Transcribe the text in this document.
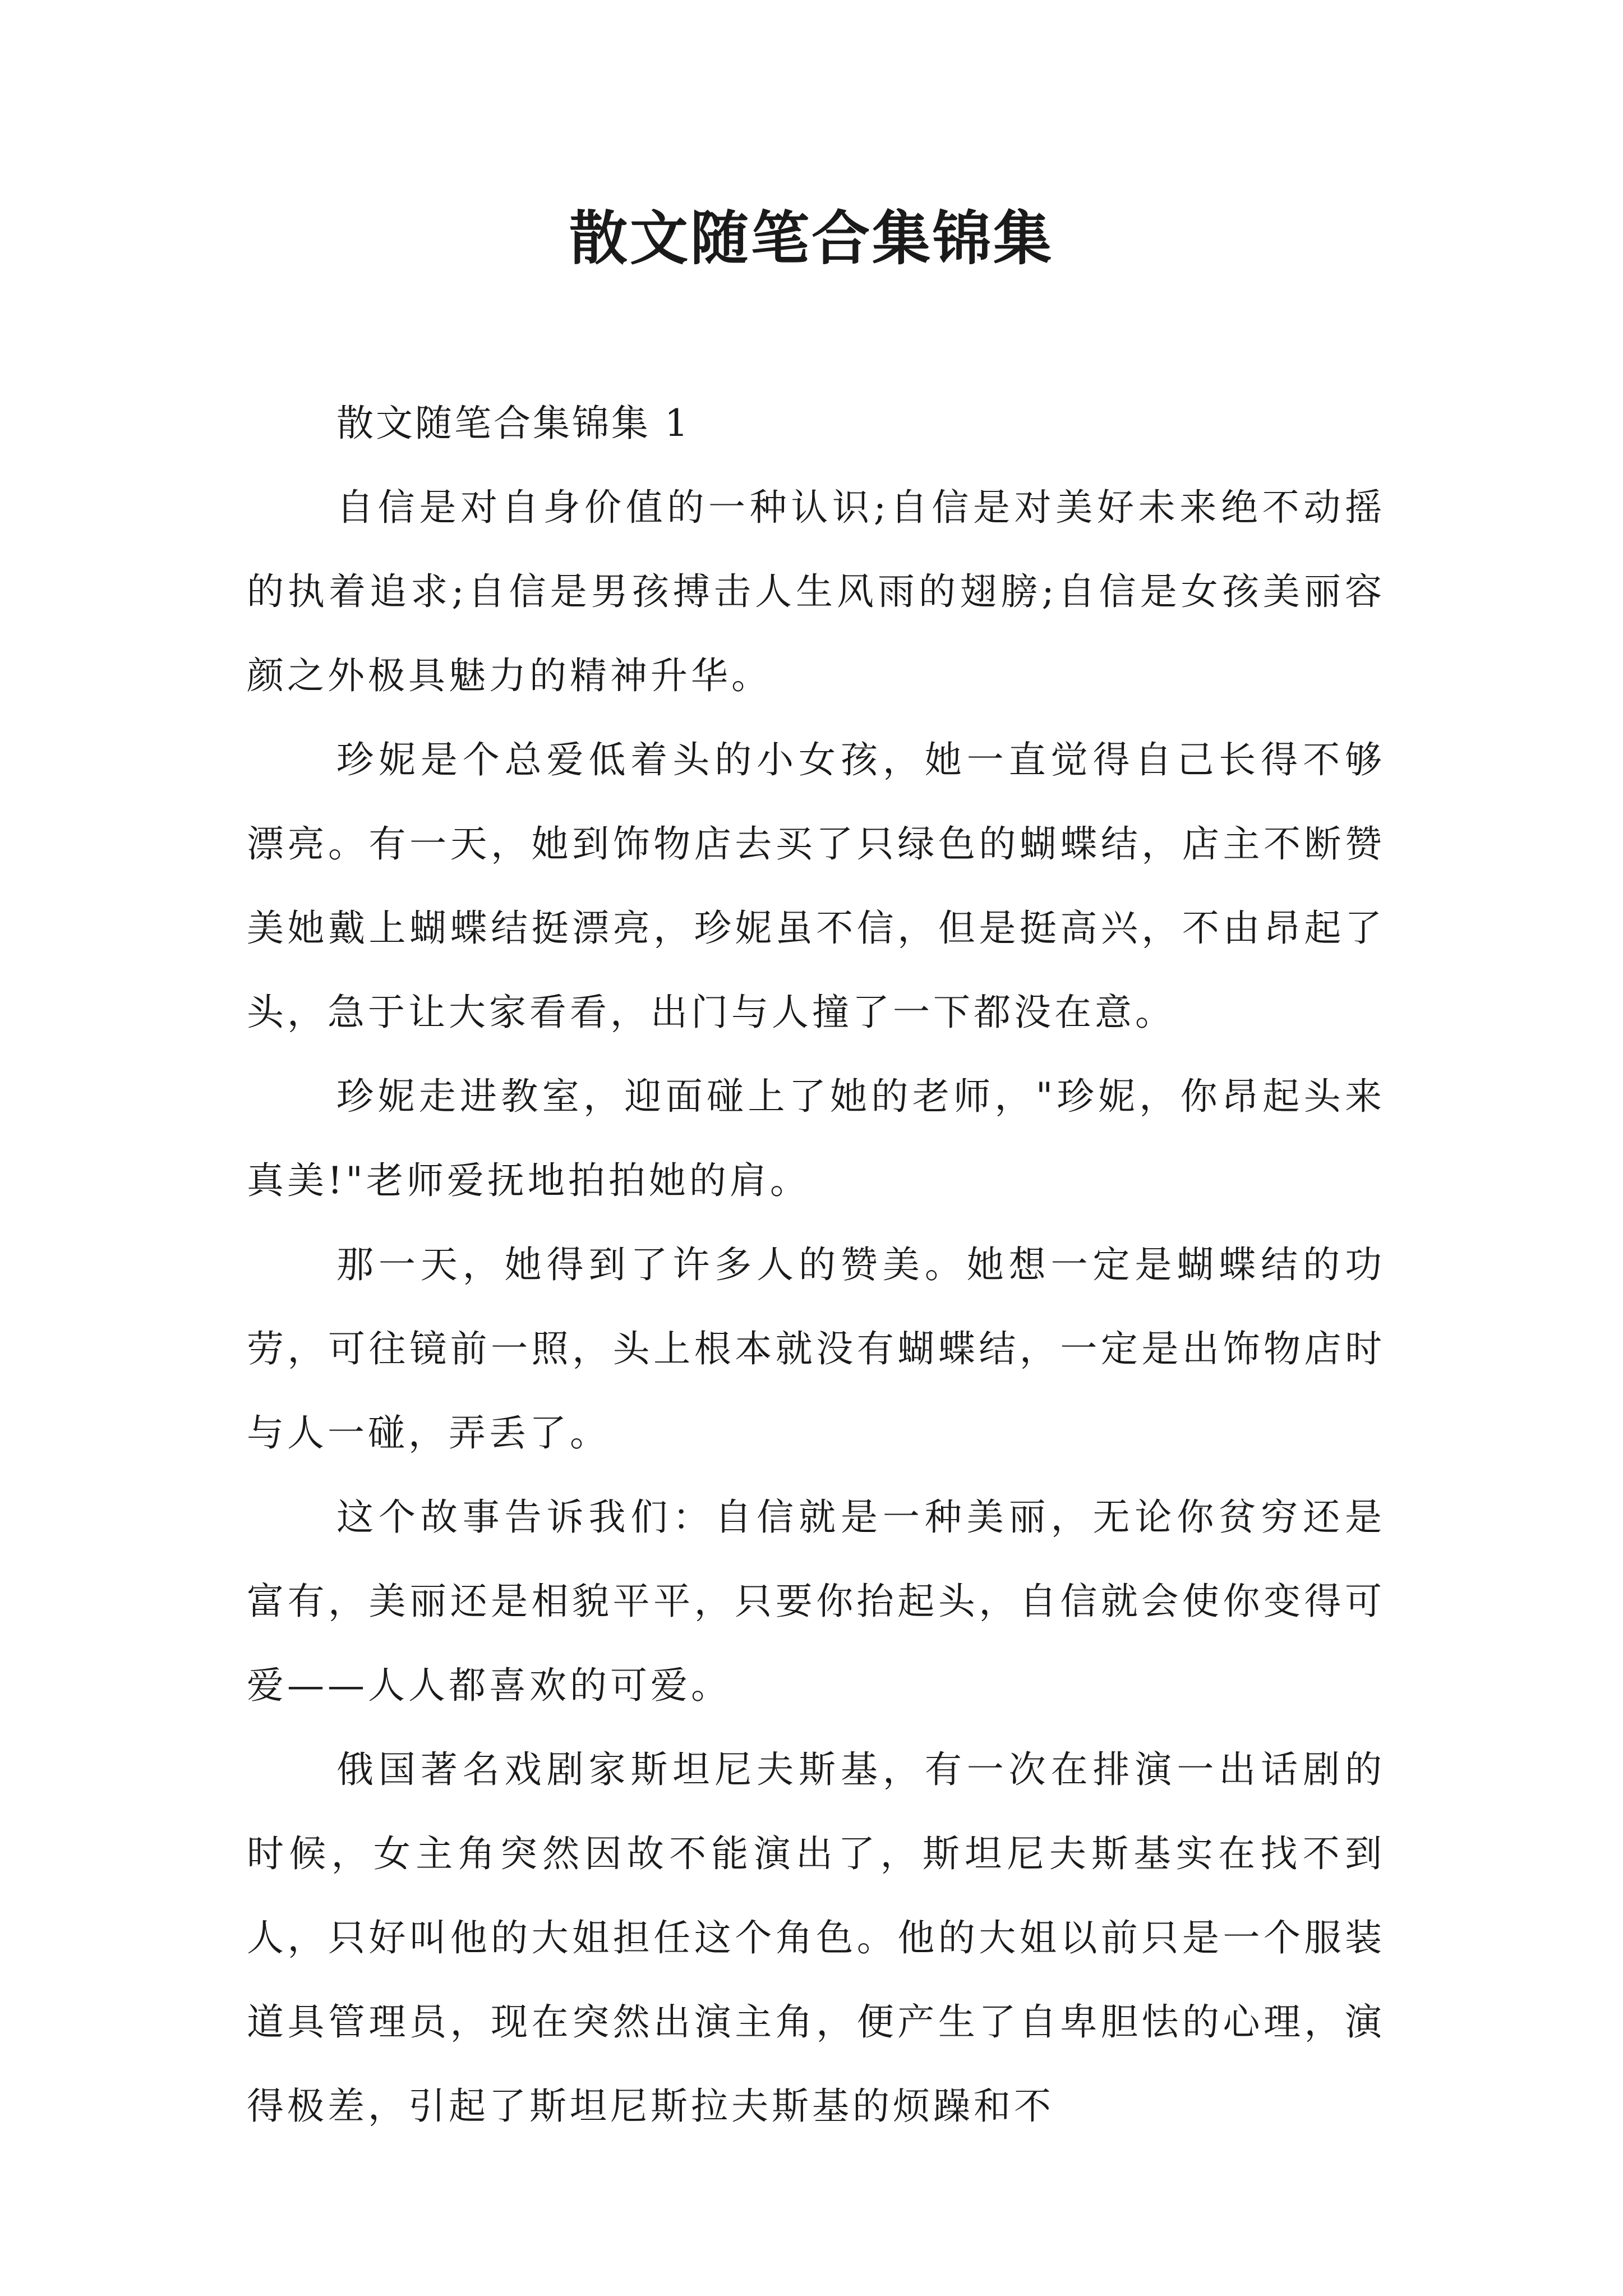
散文随笔合集锦集

散文随笔合集锦集 1

自信是对自身价值的一种认识;自信是对美好未来绝不动摇的执着追求;自信是男孩搏击人生风雨的翅膀;自信是女孩美丽容颜之外极具魅力的精神升华。

珍妮是个总爱低着头的小女孩，她一直觉得自己长得不够漂亮。有一天，她到饰物店去买了只绿色的蝴蝶结，店主不断赞美她戴上蝴蝶结挺漂亮，珍妮虽不信，但是挺高兴，不由昂起了头，急于让大家看看，出门与人撞了一下都没在意。

珍妮走进教室，迎面碰上了她的老师，"珍妮，你昂起头来真美!"老师爱抚地拍拍她的肩。

那一天，她得到了许多人的赞美。她想一定是蝴蝶结的功劳，可往镜前一照，头上根本就没有蝴蝶结，一定是出饰物店时与人一碰，弄丢了。

这个故事告诉我们：自信就是一种美丽，无论你贫穷还是富有，美丽还是相貌平平，只要你抬起头，自信就会使你变得可爱——人人都喜欢的可爱。

俄国著名戏剧家斯坦尼夫斯基，有一次在排演一出话剧的时候，女主角突然因故不能演出了，斯坦尼夫斯基实在找不到人，只好叫他的大姐担任这个角色。他的大姐以前只是一个服装道具管理员，现在突然出演主角，便产生了自卑胆怯的心理，演得极差，引起了斯坦尼斯拉夫斯基的烦躁和不
